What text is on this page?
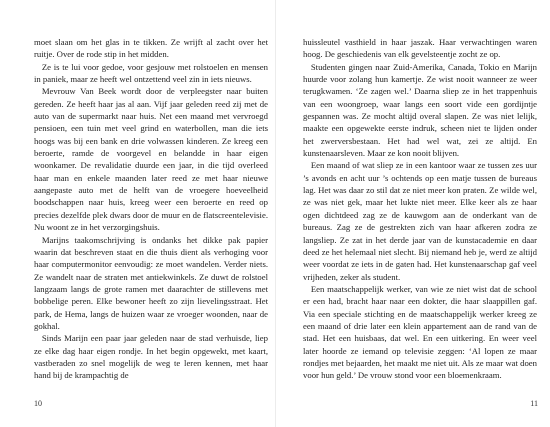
moet slaan om het glas in te tikken. Ze wrijft al zacht over het ruitje. Over de rode stip in het midden.

Ze is te lui voor gedoe, voor gesjouw met rolstoelen en mensen in paniek, maar ze heeft wel ontzettend veel zin in iets nieuws.

Mevrouw Van Beek wordt door de verpleegster naar buiten gereden. Ze heeft haar jas al aan. Vijf jaar geleden reed zij met de auto van de supermarkt naar huis. Net een maand met vervroegd pensioen, een tuin met veel grind en waterbollen, man die iets hoogs was bij een bank en drie volwassen kinderen. Ze kreeg een beroerte, ramde de voorgevel en belandde in haar eigen woonkamer. De revalidatie duurde een jaar, in die tijd overleed haar man en enkele maanden later reed ze met haar nieuwe aangepaste auto met de helft van de vroegere hoeveelheid boodschappen naar huis, kreeg weer een beroerte en reed op precies dezelfde plek dwars door de muur en de flatscreentelevisie. Nu woont ze in het verzorgingshuis.

Marijns taakomschrijving is ondanks het dikke pak papier waarin dat beschreven staat en die thuis dient als verhoging voor haar computermonitor eenvoudig: ze moet wandelen. Verder niets. Ze wandelt naar de straten met antiekwinkels. Ze duwt de rolstoel langzaam langs de grote ramen met daarachter de stillevens met bobbelige peren. Elke bewoner heeft zo zijn lievelingsstraat. Het park, de Hema, langs de huizen waar ze vroeger woonden, naar de gokhal.

Sinds Marijn een paar jaar geleden naar de stad verhuisde, liep ze elke dag haar eigen rondje. In het begin opgewekt, met kaart, vastberaden zo snel mogelijk de weg te leren kennen, met haar hand bij de krampachtig de

10

huissleutel vasthield in haar jaszak. Haar verwachtingen waren hoog. De geschiedenis van elk gevelsteentje zocht ze op.

Studenten gingen naar Zuid-Amerika, Canada, Tokio en Marijn huurde voor zolang hun kamertje. Ze wist nooit wanneer ze weer terugkwamen. ‘Ze zagen wel.’ Daarna sliep ze in het trappenhuis van een woongroep, waar langs een soort vide een gordijntje gespannen was. Ze mocht altijd overal slapen. Ze was niet lelijk, maakte een opgewekte eerste indruk, scheen niet te lijden onder het zwerversbestaan. Het had wel wat, zei ze altijd. En kunstenaarsleven. Maar ze kon nooit blijven.

Een maand of wat sliep ze in een kantoor waar ze tussen zes uur ’s avonds en acht uur ’s ochtends op een matje tussen de bureaus lag. Het was daar zo stil dat ze niet meer kon praten. Ze wilde wel, ze was niet gek, maar het lukte niet meer. Elke keer als ze haar ogen dichtdeed zag ze de kauwgom aan de onderkant van de bureaus. Zag ze de gestrekten zich van haar afkeren zodra ze langsliep. Ze zat in het derde jaar van de kunstacademie en daar deed ze het helemaal niet slecht. Bij niemand heb je, werd ze altijd weer voordat ze iets in de gaten had. Het kunstenaarschap gaf veel vrijheden, zeker als student.

Een maatschappelijk werker, van wie ze niet wist dat de school er een had, bracht haar naar een dokter, die haar slaappillen gaf. Via een speciale stichting en de maatschappelijk werker kreeg ze een maand of drie later een klein appartement aan de rand van de stad. Het een huisbaas, dat wel. En een uitkering. En weer veel later hoorde ze iemand op televisie zeggen: ‘Al lopen ze maar rondjes met bejaarden, het maakt me niet uit. Als ze maar wat doen voor hun geld.’ De vrouw stond voor een bloemenkraam.

11
